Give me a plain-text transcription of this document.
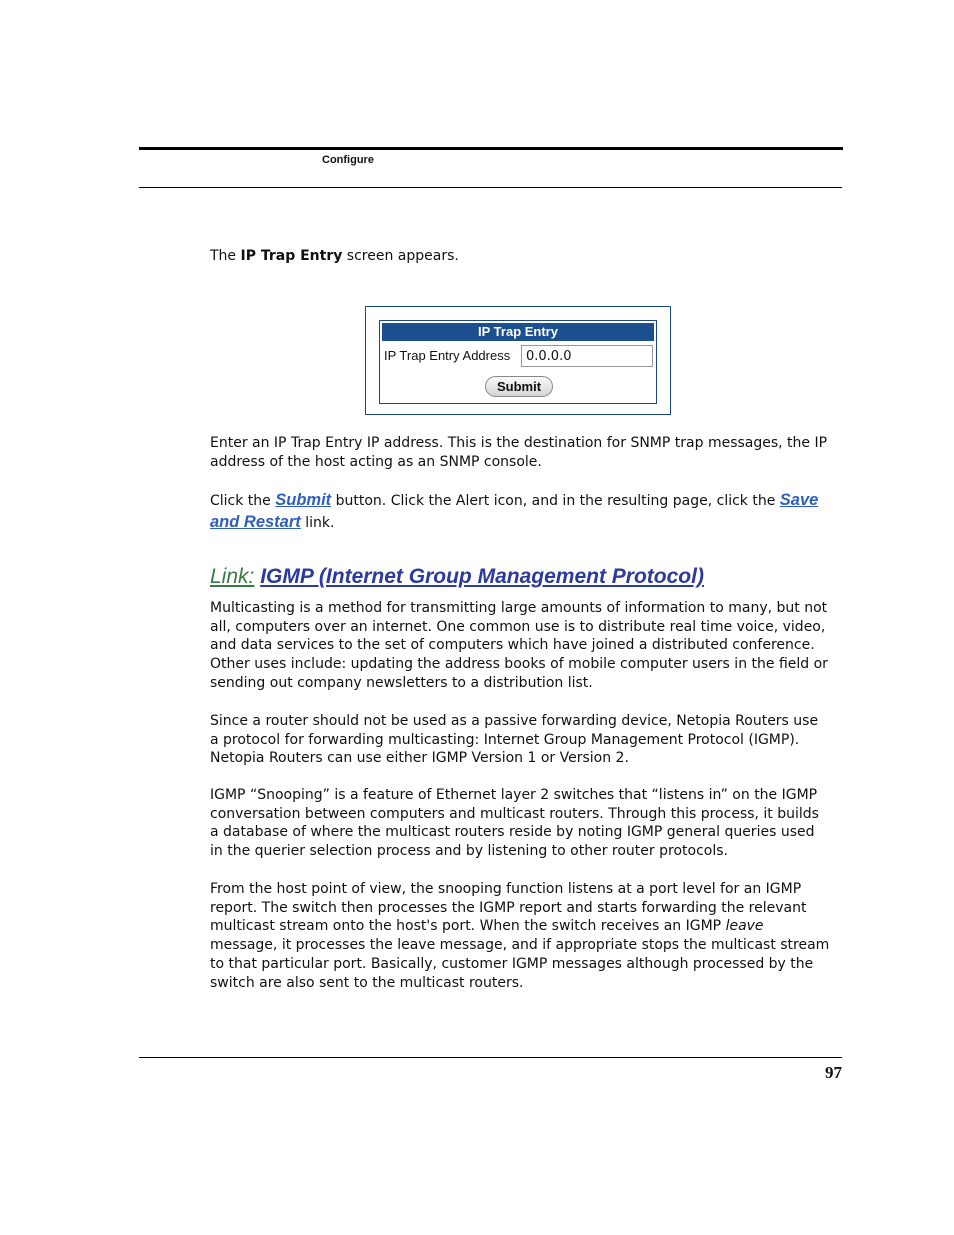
Configure

The IP Trap Entry screen appears.

IP Trap Entry
IP Trap Entry Address
0.0.0.0
Submit

Enter an IP Trap Entry IP address. This is the destination for SNMP trap messages, the IP address of the host acting as an SNMP console.

Click the Submit button. Click the Alert icon, and in the resulting page, click the Save and Restart link.

Link: IGMP (Internet Group Management Protocol)

Multicasting is a method for transmitting large amounts of information to many, but not all, computers over an internet. One common use is to distribute real time voice, video, and data services to the set of computers which have joined a distributed conference. Other uses include: updating the address books of mobile computer users in the field or sending out company newsletters to a distribution list.

Since a router should not be used as a passive forwarding device, Netopia Routers use a protocol for forwarding multicasting: Internet Group Management Protocol (IGMP). Netopia Routers can use either IGMP Version 1 or Version 2.

IGMP “Snooping” is a feature of Ethernet layer 2 switches that “listens in” on the IGMP conversation between computers and multicast routers. Through this process, it builds a database of where the multicast routers reside by noting IGMP general queries used in the querier selection process and by listening to other router protocols.

From the host point of view, the snooping function listens at a port level for an IGMP report. The switch then processes the IGMP report and starts forwarding the relevant multicast stream onto the host's port. When the switch receives an IGMP leave message, it processes the leave message, and if appropriate stops the multicast stream to that particular port. Basically, customer IGMP messages although processed by the switch are also sent to the multicast routers.

97
